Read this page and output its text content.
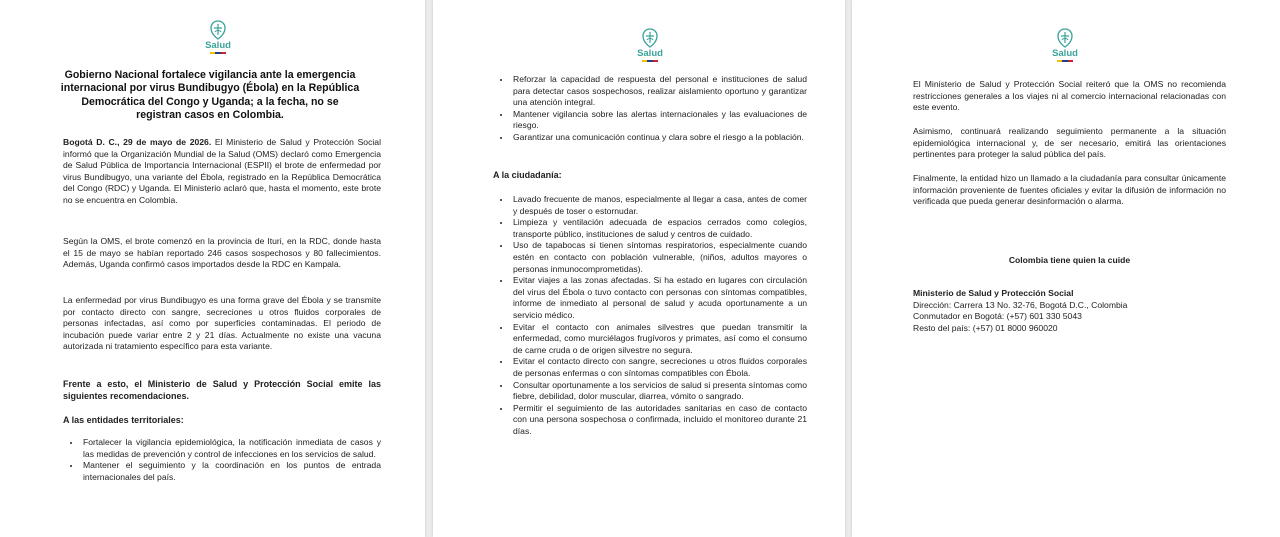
Salud
Gobierno Nacional fortalece vigilancia ante la emergencia internacional por virus Bundibugyo (Ébola) en la República Democrática del Congo y Uganda; a la fecha, no se registran casos en Colombia.
Bogotá D. C., 29 de mayo de 2026. El Ministerio de Salud y Protección Social informó que la Organización Mundial de la Salud (OMS) declaró como Emergencia de Salud Pública de Importancia Internacional (ESPII) el brote de enfermedad por virus Bundibugyo, una variante del Ébola, registrado en la República Democrática del Congo (RDC) y Uganda. El Ministerio aclaró que, hasta el momento, este brote no se encuentra en Colombia.
Según la OMS, el brote comenzó en la provincia de Ituri, en la RDC, donde hasta el 15 de mayo se habían reportado 246 casos sospechosos y 80 fallecimientos. Además, Uganda confirmó casos importados desde la RDC en Kampala.
La enfermedad por virus Bundibugyo es una forma grave del Ébola y se transmite por contacto directo con sangre, secreciones u otros fluidos corporales de personas infectadas, así como por superficies contaminadas. El periodo de incubación puede variar entre 2 y 21 días. Actualmente no existe una vacuna autorizada ni tratamiento específico para esta variante.
Frente a esto, el Ministerio de Salud y Protección Social emite las siguientes recomendaciones.
A las entidades territoriales:
• Fortalecer la vigilancia epidemiológica, la notificación inmediata de casos y las medidas de prevención y control de infecciones en los servicios de salud.
• Mantener el seguimiento y la coordinación en los puntos de entrada internacionales del país.
Salud
• Reforzar la capacidad de respuesta del personal e instituciones de salud para detectar casos sospechosos, realizar aislamiento oportuno y garantizar una atención integral.
• Mantener vigilancia sobre las alertas internacionales y las evaluaciones de riesgo.
• Garantizar una comunicación continua y clara sobre el riesgo a la población.
A la ciudadanía:
• Lavado frecuente de manos, especialmente al llegar a casa, antes de comer y después de toser o estornudar.
• Limpieza y ventilación adecuada de espacios cerrados como colegios, transporte público, instituciones de salud y centros de cuidado.
• Uso de tapabocas si tienen síntomas respiratorios, especialmente cuando estén en contacto con población vulnerable, (niños, adultos mayores o personas inmunocomprometidas).
• Evitar viajes a las zonas afectadas. Si ha estado en lugares con circulación del virus del Ébola o tuvo contacto con personas con síntomas compatibles, informe de inmediato al personal de salud y acuda oportunamente a un servicio médico.
• Evitar el contacto con animales silvestres que puedan transmitir la enfermedad, como murciélagos frugívoros y primates, así como el consumo de carne cruda o de origen silvestre no segura.
• Evitar el contacto directo con sangre, secreciones u otros fluidos corporales de personas enfermas o con síntomas compatibles con Ébola.
• Consultar oportunamente a los servicios de salud si presenta síntomas como fiebre, debilidad, dolor muscular, diarrea, vómito o sangrado.
• Permitir el seguimiento de las autoridades sanitarias en caso de contacto con una persona sospechosa o confirmada, incluido el monitoreo durante 21 días.
Salud
El Ministerio de Salud y Protección Social reiteró que la OMS no recomienda restricciones generales a los viajes ni al comercio internacional relacionadas con este evento.
Asimismo, continuará realizando seguimiento permanente a la situación epidemiológica internacional y, de ser necesario, emitirá las orientaciones pertinentes para proteger la salud pública del país.
Finalmente, la entidad hizo un llamado a la ciudadanía para consultar únicamente información proveniente de fuentes oficiales y evitar la difusión de información no verificada que pueda generar desinformación o alarma.
Colombia tiene quien la cuide
Ministerio de Salud y Protección Social
Dirección: Carrera 13 No. 32-76, Bogotá D.C., Colombia
Conmutador en Bogotá: (+57) 601 330 5043
Resto del país: (+57) 01 8000 960020
